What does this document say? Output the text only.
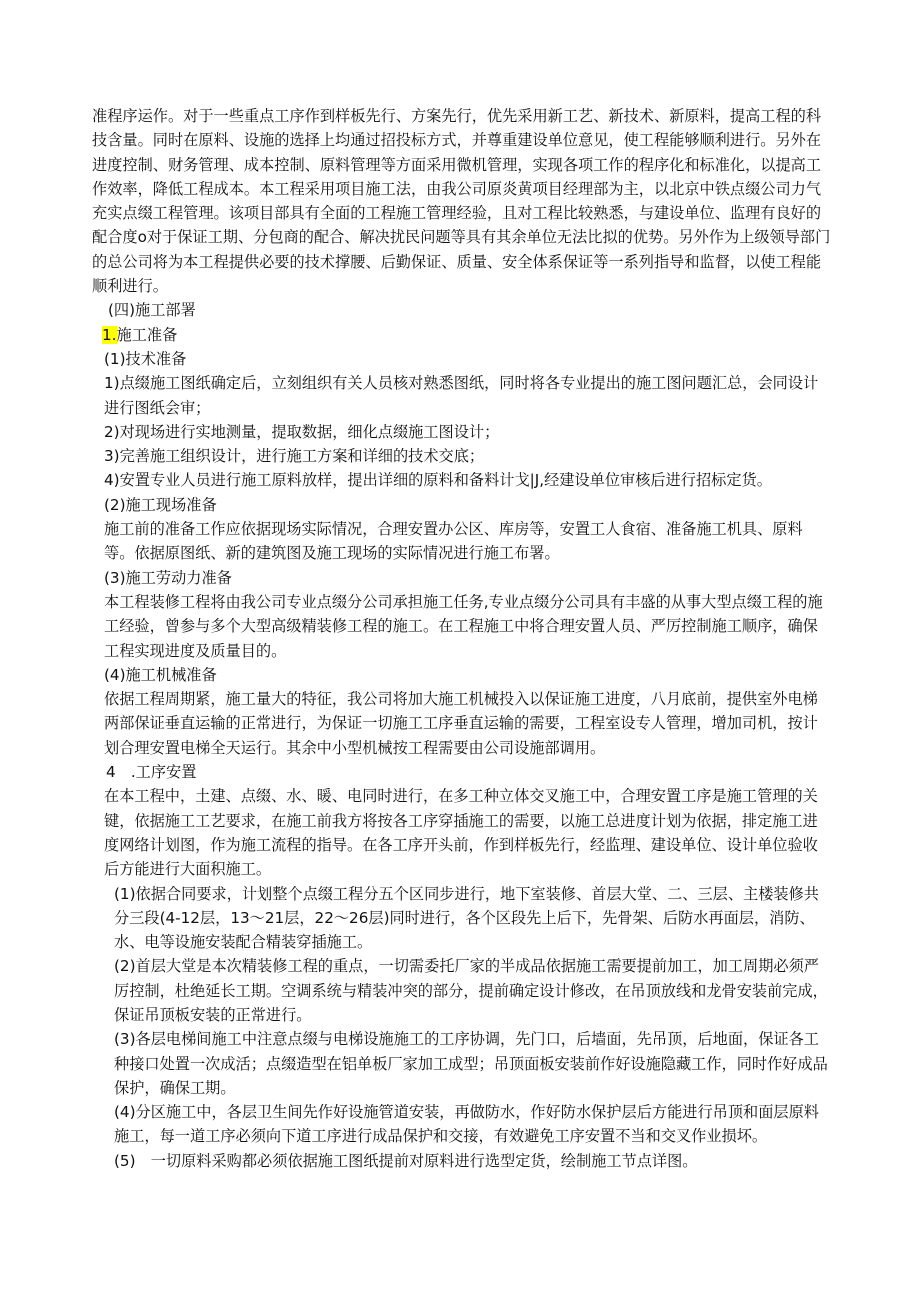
准程序运作。对于一些重点工序作到样板先行、方案先行，优先采用新工艺、新技术、新原料，提高工程的科技含量。同时在原料、设施的选择上均通过招投标方式，并尊重建设单位意见，使工程能够顺利进行。另外在进度控制、财务管理、成本控制、原料管理等方面采用微机管理，实现各项工作的程序化和标准化，以提高工作效率，降低工程成本。本工程采用项目施工法，由我公司原炎黄项目经理部为主，以北京中铁点缀公司力气充实点缀工程管理。该项目部具有全面的工程施工管理经验，且对工程比较熟悉，与建设单位、监理有良好的配合度o对于保证工期、分包商的配合、解决扰民问题等具有其余单位无法比拟的优势。另外作为上级领导部门的总公司将为本工程提供必要的技术撑腰、后勤保证、质量、安全体系保证等一系列指导和监督，以使工程能顺利进行。

(四)施工部署

1.施工准备

(1)技术准备

1)点缀施工图纸确定后，立刻组织有关人员核对熟悉图纸，同时将各专业提出的施工图问题汇总，会同设计进行图纸会审；

2)对现场进行实地测量，提取数据，细化点缀施工图设计；

3)完善施工组织设计，进行施工方案和详细的技术交底；

4)安置专业人员进行施工原料放样，提出详细的原料和备料计戈|J,经建设单位审核后进行招标定货。

(2)施工现场准备

施工前的准备工作应依据现场实际情况，合理安置办公区、库房等，安置工人食宿、准备施工机具、原料等。依据原图纸、新的建筑图及施工现场的实际情况进行施工布署。

(3)施工劳动力准备

本工程装修工程将由我公司专业点缀分公司承担施工任务,专业点缀分公司具有丰盛的从事大型点缀工程的施工经验，曾参与多个大型高级精装修工程的施工。在工程施工中将合理安置人员、严厉控制施工顺序，确保工程实现进度及质量目的。

(4)施工机械准备

依据工程周期紧，施工量大的特征，我公司将加大施工机械投入以保证施工进度，八月底前，提供室外电梯两部保证垂直运输的正常进行，为保证一切施工工序垂直运输的需要，工程室设专人管理，增加司机，按计划合理安置电梯全天运行。其余中小型机械按工程需要由公司设施部调用。

4　.工序安置

在本工程中，土建、点缀、水、暖、电同时进行，在多工种立体交叉施工中，合理安置工序是施工管理的关键，依据施工工艺要求，在施工前我方将按各工序穿插施工的需要，以施工总进度计划为依据，排定施工进度网络计划图，作为施工流程的指导。在各工序开头前，作到样板先行，经监理、建设单位、设计单位验收后方能进行大面积施工。

(1)依据合同要求，计划整个点缀工程分五个区同步进行，地下室装修、首层大堂、二、三层、主楼装修共分三段(4-12层，13〜21层，22〜26层)同时进行，各个区段先上后下，先骨架、后防水再面层，消防、水、电等设施安装配合精装穿插施工。

(2)首层大堂是本次精装修工程的重点，一切需委托厂家的半成品依据施工需要提前加工，加工周期必须严厉控制，杜绝延长工期。空调系统与精装冲突的部分，提前确定设计修改，在吊顶放线和龙骨安装前完成，保证吊顶板安装的正常进行。

(3)各层电梯间施工中注意点缀与电梯设施施工的工序协调，先门口，后墙面，先吊顶，后地面，保证各工种接口处置一次成活；点缀造型在铝单板厂家加工成型；吊顶面板安装前作好设施隐藏工作，同时作好成品保护，确保工期。

(4)分区施工中，各层卫生间先作好设施管道安装，再做防水，作好防水保护层后方能进行吊顶和面层原料施工，每一道工序必须向下道工序进行成品保护和交接，有效避免工序安置不当和交叉作业损坏。

(5)　一切原料采购都必须依据施工图纸提前对原料进行选型定货，绘制施工节点详图。
